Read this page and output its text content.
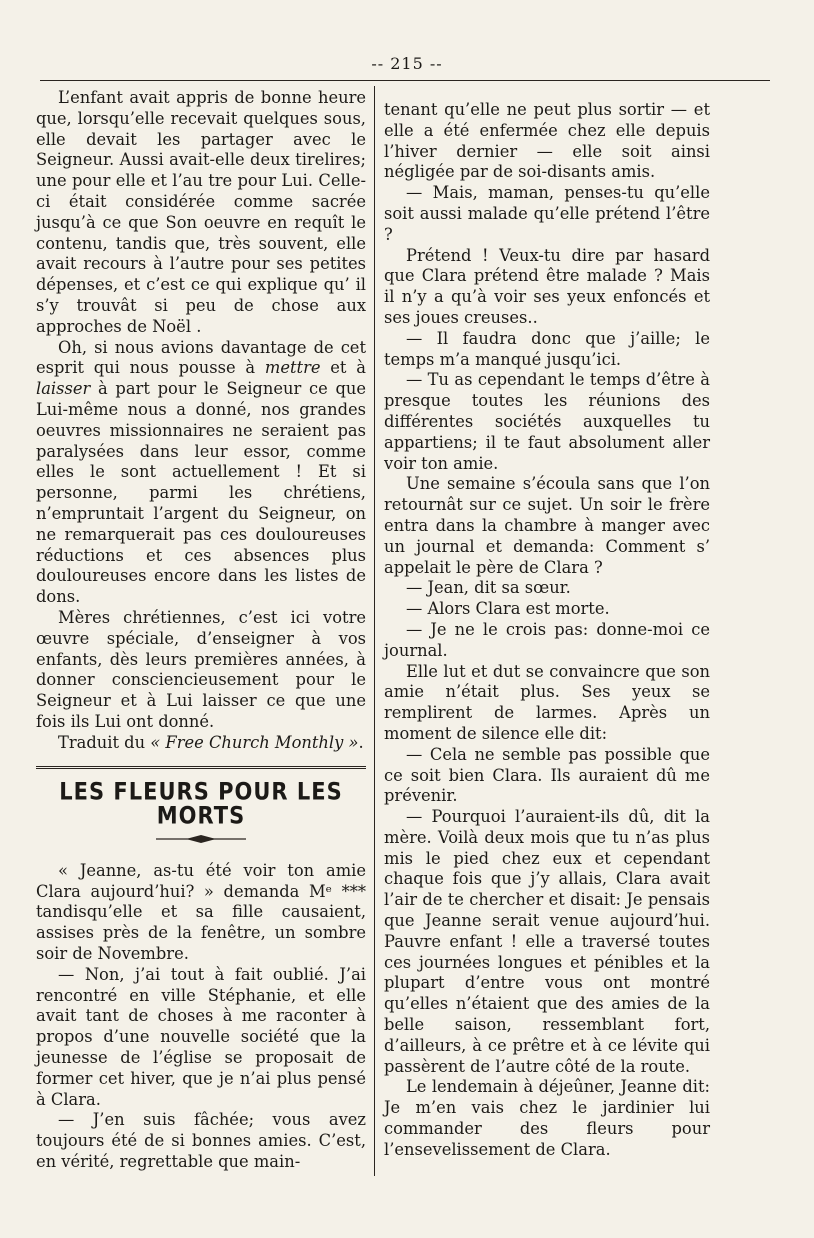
-- 215 --

L’enfant avait appris de bonne heure que, lorsqu’elle recevait quelques sous, elle devait les partager avec le Seigneur. Aussi avait-elle deux tirelires; une pour elle et l’au tre pour Lui. Celle-ci était considérée comme sacrée jusqu’à ce que Son oeuvre en requît le contenu, tandis que, très souvent, elle avait recours à l’autre pour ses petites dépenses, et c’est ce qui explique qu’ il s’y trouvât si peu de chose aux approches de Noël .

Oh, si nous avions davantage de cet esprit qui nous pousse à mettre et à laisser à part pour le Seigneur ce que Lui-même nous a donné, nos grandes oeuvres missionnaires ne seraient pas paralysées dans leur essor, comme elles le sont actuellement ! Et si personne, parmi les chrétiens, n’empruntait l’argent du Seigneur, on ne remarquerait pas ces douloureuses réductions et ces absences plus douloureuses encore dans les listes de dons.

Mères chrétiennes, c’est ici votre œuvre spéciale, d’enseigner à vos enfants, dès leurs premières années, à donner consciencieusement pour le Seigneur et à Lui laisser ce que une fois ils Lui ont donné.

Traduit du « Free Church Monthly ».

LES FLEURS POUR LES MORTS

« Jeanne, as-tu été voir ton amie Clara aujourd’hui? » demanda Mᵉ *** tandisqu’elle et sa fille causaient, assises près de la fenêtre, un sombre soir de Novembre.

— Non, j’ai tout à fait oublié. J’ai rencontré en ville Stéphanie, et elle avait tant de choses à me raconter à propos d’une nouvelle société que la jeunesse de l’église se proposait de former cet hiver, que je n’ai plus pensé à Clara.

— J’en suis fâchée; vous avez toujours été de si bonnes amies. C’est, en vérité, regrettable que main-

tenant qu’elle ne peut plus sortir — et elle a été enfermée chez elle depuis l’hiver dernier — elle soit ainsi négligée par de soi-disants amis.

— Mais, maman, penses-tu qu’elle soit aussi malade qu’elle prétend l’être ?

Prétend ! Veux-tu dire par hasard que Clara prétend être malade ? Mais il n’y a qu’à voir ses yeux enfoncés et ses joues creuses..

— Il faudra donc que j’aille; le temps m’a manqué jusqu’ici.

— Tu as cependant le temps d’être à presque toutes les réunions des différentes sociétés auxquelles tu appartiens; il te faut absolument aller voir ton amie.

Une semaine s’écoula sans que l’on retournât sur ce sujet. Un soir le frère entra dans la chambre à manger avec un journal et demanda: Comment s’ appelait le père de Clara ?

— Jean, dit sa sœur.

— Alors Clara est morte.

— Je ne le crois pas: donne-moi ce journal.

Elle lut et dut se convaincre que son amie n’était plus. Ses yeux se remplirent de larmes. Après un moment de silence elle dit:

— Cela ne semble pas possible que ce soit bien Clara. Ils auraient dû me prévenir.

— Pourquoi l’auraient-ils dû, dit la mère. Voilà deux mois que tu n’as plus mis le pied chez eux et cependant chaque fois que j’y allais, Clara avait l’air de te chercher et disait: Je pensais que Jeanne serait venue aujourd’hui. Pauvre enfant ! elle a traversé toutes ces journées longues et pénibles et la plupart d’entre vous ont montré qu’elles n’étaient que des amies de la belle saison, ressemblant fort, d’ailleurs, à ce prêtre et à ce lévite qui passèrent de l’autre côté de la route.

Le lendemain à déjeûner, Jeanne dit: Je m’en vais chez le jardinier lui commander des fleurs pour l’ensevelissement de Clara.
